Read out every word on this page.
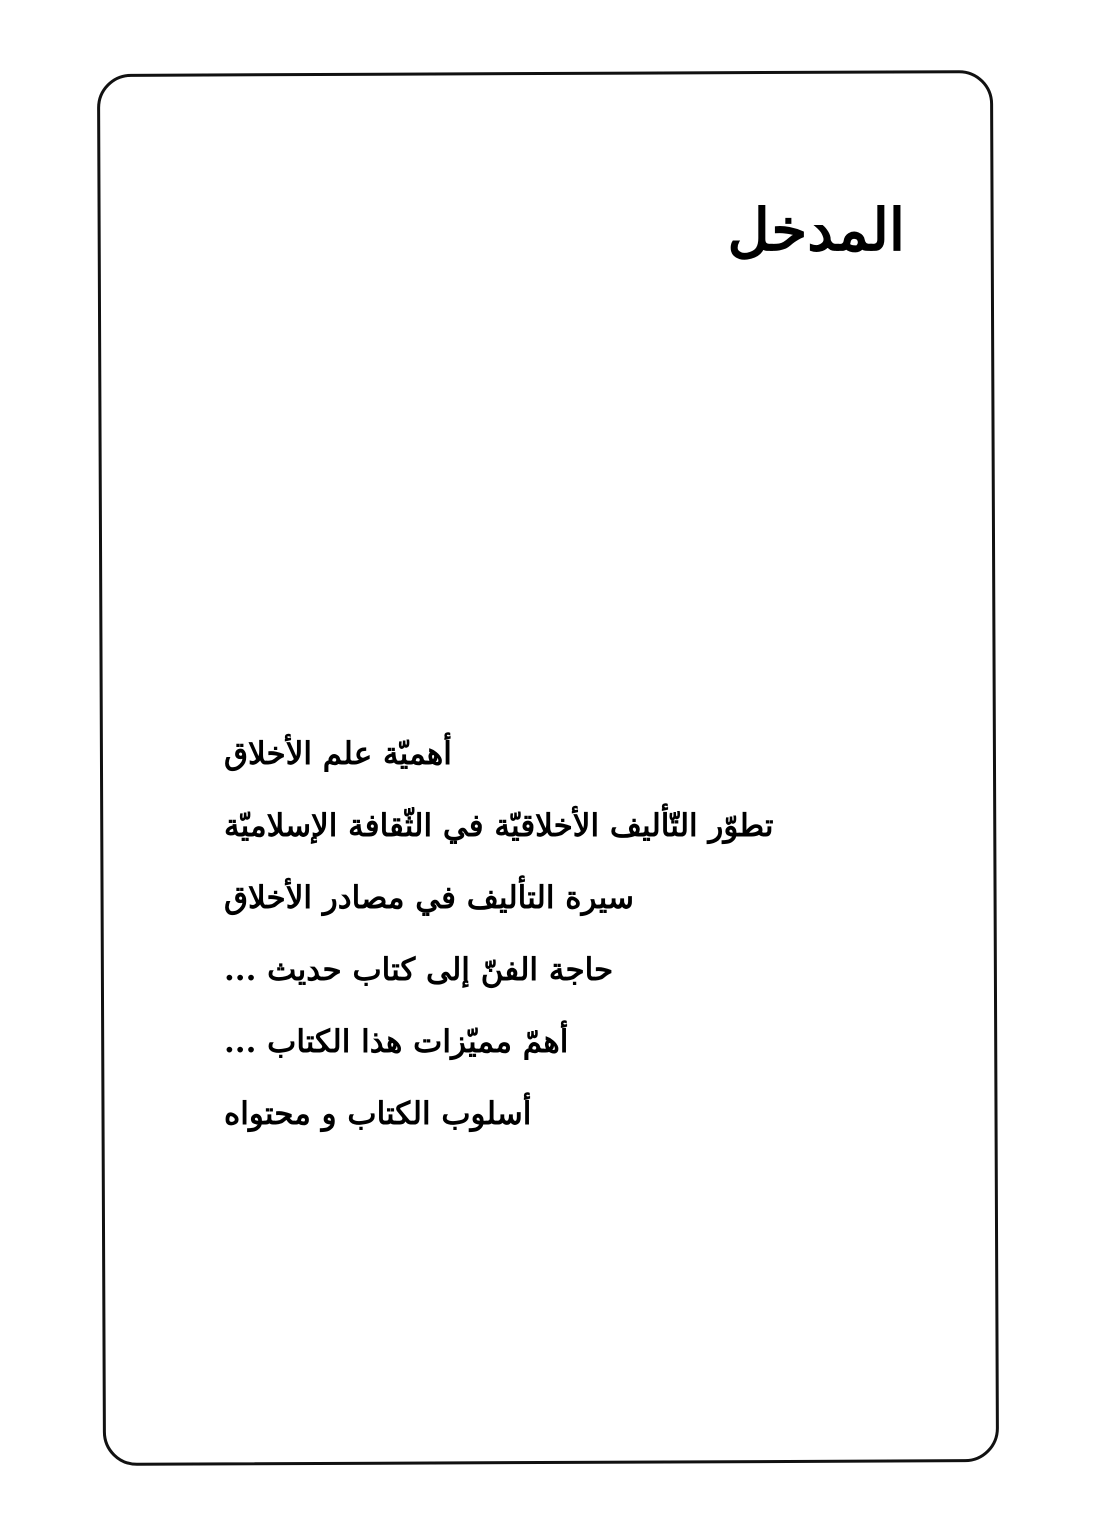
المدخل
أهميّة علم الأخلاق
تطوّر التّأليف الأخلاقيّة في الثّقافة الإسلاميّة
سيرة التأليف في مصادر الأخلاق
حاجة الفنّ إلى كتاب حديث ...
أهمّ مميّزات هذا الكتاب ...
أسلوب الكتاب و محتواه
